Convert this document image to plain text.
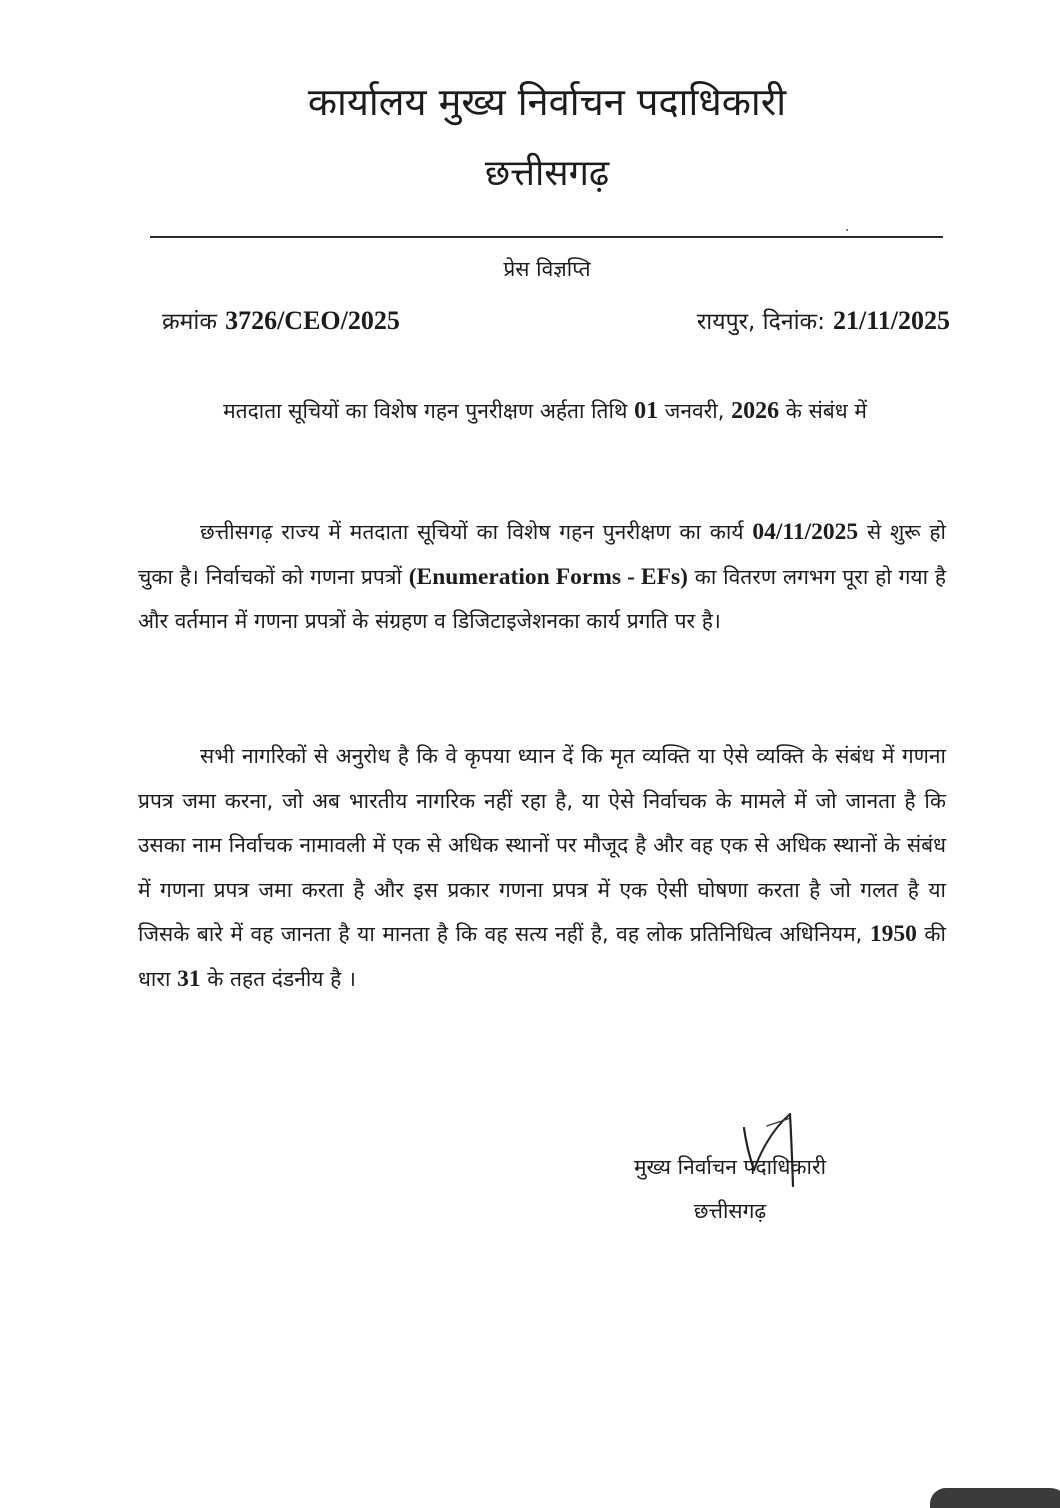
कार्यालय मुख्य निर्वाचन पदाधिकारी
छत्तीसगढ़
प्रेस विज्ञप्ति
क्रमांक 3726/CEO/2025	रायपुर, दिनांक: 21/11/2025
मतदाता सूचियों का विशेष गहन पुनरीक्षण अर्हता तिथि 01 जनवरी, 2026 के संबंध में
छत्तीसगढ़ राज्य में मतदाता सूचियों का विशेष गहन पुनरीक्षण का कार्य 04/11/2025 से शुरू हो चुका है। निर्वाचकों को गणना प्रपत्रों (Enumeration Forms - EFs) का वितरण लगभग पूरा हो गया है और वर्तमान में गणना प्रपत्रों के संग्रहण व डिजिटाइजेशनका कार्य प्रगति पर है।
सभी नागरिकों से अनुरोध है कि वे कृपया ध्यान दें कि मृत व्यक्ति या ऐसे व्यक्ति के संबंध में गणना प्रपत्र जमा करना, जो अब भारतीय नागरिक नहीं रहा है, या ऐसे निर्वाचक के मामले में जो जानता है कि उसका नाम निर्वाचक नामावली में एक से अधिक स्थानों पर मौजूद है और वह एक से अधिक स्थानों के संबंध में गणना प्रपत्र जमा करता है और इस प्रकार गणना प्रपत्र में एक ऐसी घोषणा करता है जो गलत है या जिसके बारे में वह जानता है या मानता है कि वह सत्य नहीं है, वह लोक प्रतिनिधित्व अधिनियम, 1950 की धारा 31 के तहत दंडनीय है ।
मुख्य निर्वाचन पदाधिकारी
छत्तीसगढ़
